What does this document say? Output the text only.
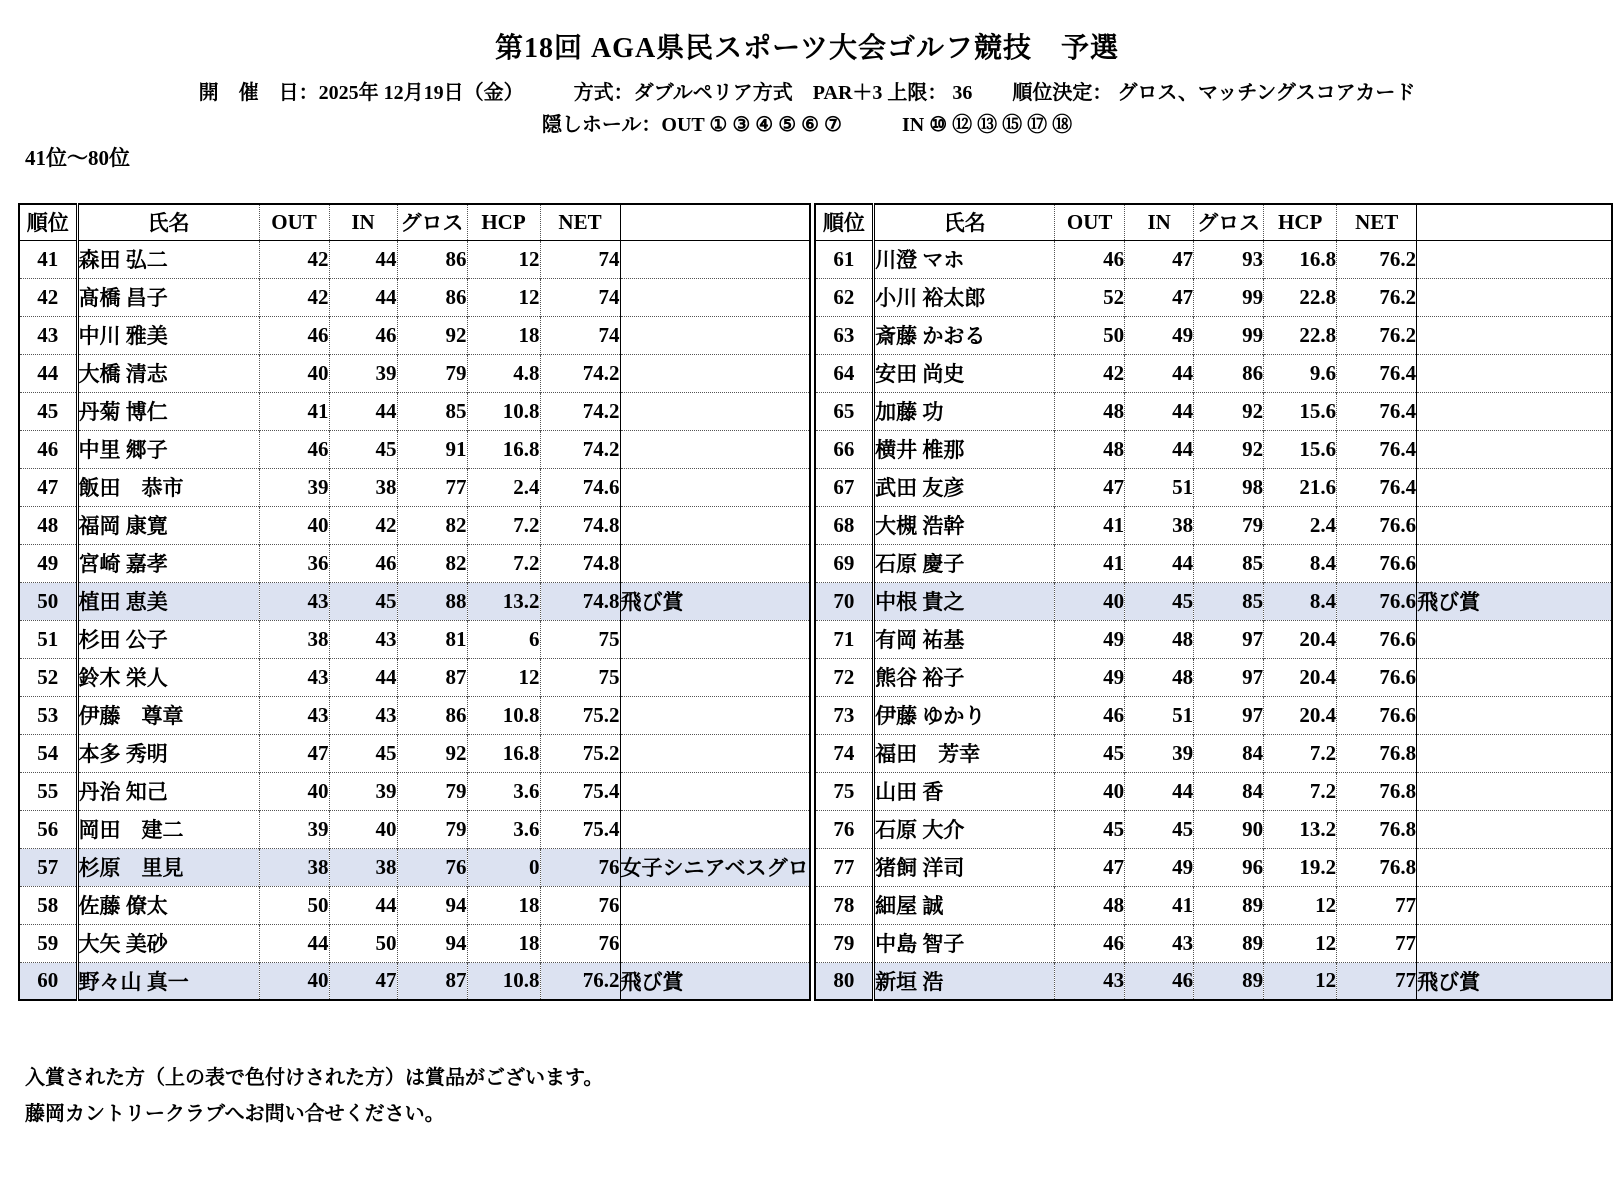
第18回 AGA県民スポーツ大会ゴルフ競技　予選
開　催　日：2025年 12月19日（金）　　　方式：ダブルペリア方式　PAR＋3 上限： 36　　順位決定： グロス、マッチングスコアカード
隠しホール：OUT ① ③ ④ ⑤ ⑥ ⑦　　　IN ⑩ ⑫ ⑬ ⑮ ⑰ ⑱
41位～80位
順位	氏名	OUT	IN	グロス	HCP	NET	
41	森田 弘二	42	44	86	12	74	
42	髙橋 昌子	42	44	86	12	74	
43	中川 雅美	46	46	92	18	74	
44	大橋 清志	40	39	79	4.8	74.2	
45	丹菊 博仁	41	44	85	10.8	74.2	
46	中里 郷子	46	45	91	16.8	74.2	
47	飯田　恭市	39	38	77	2.4	74.6	
48	福岡 康寛	40	42	82	7.2	74.8	
49	宮崎 嘉孝	36	46	82	7.2	74.8	
50	植田 恵美	43	45	88	13.2	74.8	飛び賞
51	杉田 公子	38	43	81	6	75	
52	鈴木 栄人	43	44	87	12	75	
53	伊藤　尊章	43	43	86	10.8	75.2	
54	本多 秀明	47	45	92	16.8	75.2	
55	丹治 知己	40	39	79	3.6	75.4	
56	岡田　建二	39	40	79	3.6	75.4	
57	杉原　里見	38	38	76	0	76	女子シニアベスグロ
58	佐藤 僚太	50	44	94	18	76	
59	大矢 美砂	44	50	94	18	76	
60	野々山 真一	40	47	87	10.8	76.2	飛び賞
順位	氏名	OUT	IN	グロス	HCP	NET	
61	川澄 マホ	46	47	93	16.8	76.2	
62	小川 裕太郎	52	47	99	22.8	76.2	
63	斎藤 かおる	50	49	99	22.8	76.2	
64	安田 尚史	42	44	86	9.6	76.4	
65	加藤 功	48	44	92	15.6	76.4	
66	横井 椎那	48	44	92	15.6	76.4	
67	武田 友彦	47	51	98	21.6	76.4	
68	大槻 浩幹	41	38	79	2.4	76.6	
69	石原 慶子	41	44	85	8.4	76.6	
70	中根 貴之	40	45	85	8.4	76.6	飛び賞
71	有岡 祐基	49	48	97	20.4	76.6	
72	熊谷 裕子	49	48	97	20.4	76.6	
73	伊藤 ゆかり	46	51	97	20.4	76.6	
74	福田　芳幸	45	39	84	7.2	76.8	
75	山田 香	40	44	84	7.2	76.8	
76	石原 大介	45	45	90	13.2	76.8	
77	猪飼 洋司	47	49	96	19.2	76.8	
78	細屋 誠	48	41	89	12	77	
79	中島 智子	46	43	89	12	77	
80	新垣 浩	43	46	89	12	77	飛び賞
入賞された方（上の表で色付けされた方）は賞品がございます。
藤岡カントリークラブへお問い合せください。
